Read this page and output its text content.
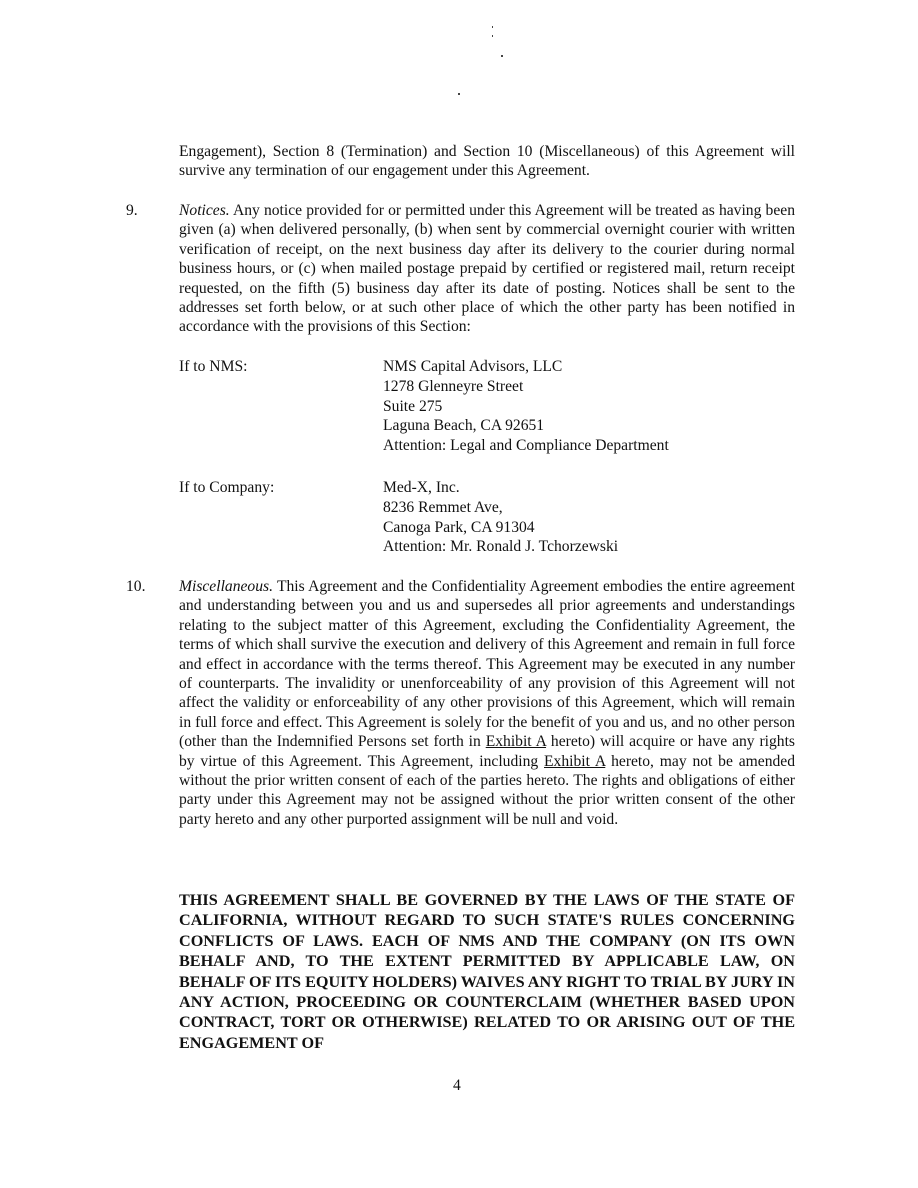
Engagement), Section 8 (Termination) and Section 10 (Miscellaneous) of this Agreement will survive any termination of our engagement under this Agreement.
9.	Notices. Any notice provided for or permitted under this Agreement will be treated as having been given (a) when delivered personally, (b) when sent by commercial overnight courier with written verification of receipt, on the next business day after its delivery to the courier during normal business hours, or (c) when mailed postage prepaid by certified or registered mail, return receipt requested, on the fifth (5) business day after its date of posting. Notices shall be sent to the addresses set forth below, or at such other place of which the other party has been notified in accordance with the provisions of this Section:
If to NMS:	NMS Capital Advisors, LLC
1278 Glenneyre Street
Suite 275
Laguna Beach, CA 92651
Attention: Legal and Compliance Department
If to Company:	Med-X, Inc.
8236 Remmet Ave,
Canoga Park, CA 91304
Attention: Mr. Ronald J. Tchorzewski
10. Miscellaneous. This Agreement and the Confidentiality Agreement embodies the entire agreement and understanding between you and us and supersedes all prior agreements and understandings relating to the subject matter of this Agreement, excluding the Confidentiality Agreement, the terms of which shall survive the execution and delivery of this Agreement and remain in full force and effect in accordance with the terms thereof. This Agreement may be executed in any number of counterparts. The invalidity or unenforceability of any provision of this Agreement will not affect the validity or enforceability of any other provisions of this Agreement, which will remain in full force and effect. This Agreement is solely for the benefit of you and us, and no other person (other than the Indemnified Persons set forth in Exhibit A hereto) will acquire or have any rights by virtue of this Agreement. This Agreement, including Exhibit A hereto, may not be amended without the prior written consent of each of the parties hereto. The rights and obligations of either party under this Agreement may not be assigned without the prior written consent of the other party hereto and any other purported assignment will be null and void.
THIS AGREEMENT SHALL BE GOVERNED BY THE LAWS OF THE STATE OF CALIFORNIA, WITHOUT REGARD TO SUCH STATE'S RULES CONCERNING CONFLICTS OF LAWS. EACH OF NMS AND THE COMPANY (ON ITS OWN BEHALF AND, TO THE EXTENT PERMITTED BY APPLICABLE LAW, ON BEHALF OF ITS EQUITY HOLDERS) WAIVES ANY RIGHT TO TRIAL BY JURY IN ANY ACTION, PROCEEDING OR COUNTERCLAIM (WHETHER BASED UPON CONTRACT, TORT OR OTHERWISE) RELATED TO OR ARISING OUT OF THE ENGAGEMENT OF
4
